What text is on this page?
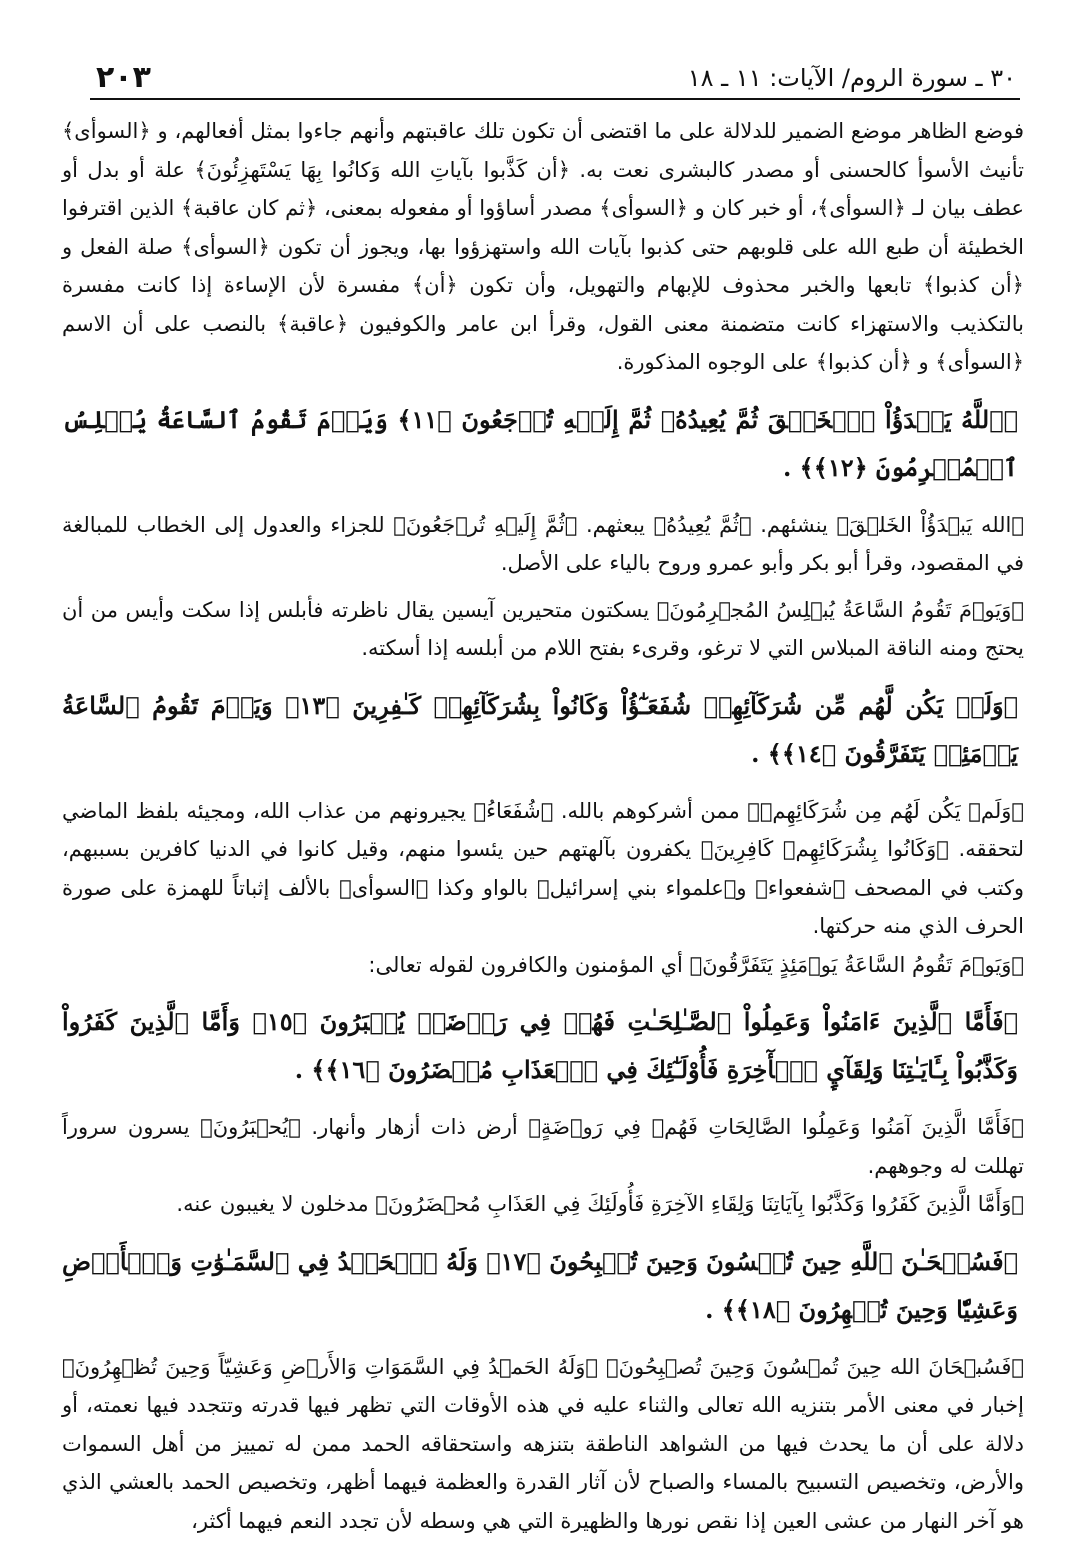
٢٠٣	٣٠ ـ سورة الروم/ الآيات: ١١ ـ ١٨

فوضع الظاهر موضع الضمير للدلالة على ما اقتضى أن تكون تلك عاقبتهم وأنهم جاءوا بمثل أفعالهم، و ﴿السوأى﴾ تأنيث الأسوأ كالحسنى أو مصدر كالبشرى نعت به. ﴿أن كَذَّبوا بآياتِ الله وَكانُوا بِهَا يَسْتَهزِئُونَ﴾ علة أو بدل أو عطف بيان لـ ﴿السوأى﴾، أو خبر كان و ﴿السوأى﴾ مصدر أساؤوا أو مفعوله بمعنى، ﴿ثم كان عاقبة﴾ الذين اقترفوا الخطيئة أن طبع الله على قلوبهم حتى كذبوا بآيات الله واستهزؤوا بها، ويجوز أن تكون ﴿السوأى﴾ صلة الفعل و ﴿أن كذبوا﴾ تابعها والخبر محذوف للإبهام والتهويل، وأن تكون ﴿أن﴾ مفسرة لأن الإساءة إذا كانت مفسرة بالتكذيب والاستهزاء كانت متضمنة معنى القول، وقرأ ابن عامر والكوفيون ﴿عاقبة﴾ بالنصب على أن الاسم ﴿السوأى﴾ و ﴿أن كذبوا﴾ على الوجوه المذكورة.

﴿ٱللَّهُ يَبۡدَؤُاْ ٱلۡخَلۡقَ ثُمَّ يُعِيدُهُۥ ثُمَّ إِلَيۡهِ تُرۡجَعُونَ ﴿١١﴾ وَيَوۡمَ تَقُومُ ٱلسَّاعَةُ يُبۡلِسُ ٱلۡمُجۡرِمُونَ ﴿١٢﴾﴾ .

﴿الله يَبۡدَؤُاْ الخَلۡقَ﴾ ينشئهم. ﴿ثُمَّ يُعِيدُهُ﴾ يبعثهم. ﴿ثُمَّ إِلَيۡهِ تُرۡجَعُونَ﴾ للجزاء والعدول إلى الخطاب للمبالغة في المقصود، وقرأ أبو بكر وأبو عمرو وروح بالياء على الأصل.

﴿وَيَوۡمَ تَقُومُ السَّاعَةُ يُبۡلِسُ المُجۡرِمُونَ﴾ يسكتون متحيرين آيسين يقال ناظرته فأبلس إذا سكت وأيس من أن يحتج ومنه الناقة المبلاس التي لا ترغو، وقرىء بفتح اللام من أبلسه إذا أسكته.

﴿وَلَمۡ يَكُن لَّهُم مِّن شُرَكَآئِهِمۡ شُفَعَـٰٓؤُاْ وَكَانُواْ بِشُرَكَآئِهِمۡ كَـٰفِرِينَ ﴿١٣﴾ وَيَوۡمَ تَقُومُ ٱلسَّاعَةُ يَوۡمَئِذٖ يَتَفَرَّقُونَ ﴿١٤﴾﴾ .

﴿وَلَمۡ يَكُن لَهُم مِن شُرَكَائِهِمۡ﴾ ممن أشركوهم بالله. ﴿شُفَعَاءُ﴾ يجيرونهم من عذاب الله، ومجيئه بلفظ الماضي لتحققه. ﴿وَكَانُوا بِشُرَكَائِهِمۡ كَافِرِينَ﴾ يكفرون بآلهتهم حين يئسوا منهم، وقيل كانوا في الدنيا كافرين بسببهم، وكتب في المصحف ﴿شفعواء﴾ و﴿علمواء بني إسرائيل﴾ بالواو وكذا ﴿السوأى﴾ بالألف إثباتاً للهمزة على صورة الحرف الذي منه حركتها.

﴿وَيَوۡمَ تَقُومُ السَّاعَةُ يَوۡمَئِذٍ يَتَفَرَّقُونَ﴾ أي المؤمنون والكافرون لقوله تعالى:

﴿فَأَمَّا ٱلَّذِينَ ءَامَنُواْ وَعَمِلُواْ ٱلصَّـٰلِحَـٰتِ فَهُمۡ فِي رَوۡضَةٖ يُحۡبَرُونَ ﴿١٥﴾ وَأَمَّا ٱلَّذِينَ كَفَرُواْ وَكَذَّبُواْ بِـَٔايَـٰتِنَا وَلِقَآيِٕ ٱلۡأٓخِرَةِ فَأُوْلَـٰٓئِكَ فِي ٱلۡعَذَابِ مُحۡضَرُونَ ﴿١٦﴾﴾ .

﴿فَأَمَّا الَّذِينَ آمَنُوا وَعَمِلُوا الصَّالِحَاتِ فَهُمۡ فِي رَوۡضَةٍ﴾ أرض ذات أزهار وأنهار. ﴿يُحۡبَرُونَ﴾ يسرون سروراً تهللت له وجوههم.

﴿وَأَمَّا الَّذِينَ كَفَرُوا وَكَذَّبُوا بِآيَاتِنَا وَلِقَاءِ الآخِرَةِ فَأُولَئِكَ فِي العَذَابِ مُحۡضَرُونَ﴾ مدخلون لا يغيبون عنه.

﴿فَسُبۡحَـٰنَ ٱللَّهِ حِينَ تُمۡسُونَ وَحِينَ تُصۡبِحُونَ ﴿١٧﴾ وَلَهُ ٱلۡحَمۡدُ فِي ٱلسَّمَـٰوَٰتِ وَٱلۡأَرۡضِ وَعَشِيّٗا وَحِينَ تُظۡهِرُونَ ﴿١٨﴾﴾ .

﴿فَسُبۡحَانَ الله حِينَ تُمۡسُونَ وَحِينَ تُصۡبِحُونَ﴾ ﴿وَلَهُ الحَمۡدُ فِي السَّمَوَاتِ وَالأَرۡضِ وَعَشِيّاً وَحِينَ تُظۡهِرُونَ﴾ إخبار في معنى الأمر بتنزيه الله تعالى والثناء عليه في هذه الأوقات التي تظهر فيها قدرته وتتجدد فيها نعمته، أو دلالة على أن ما يحدث فيها من الشواهد الناطقة بتنزهه واستحقاقه الحمد ممن له تمييز من أهل السموات والأرض، وتخصيص التسبيح بالمساء والصباح لأن آثار القدرة والعظمة فيهما أظهر، وتخصيص الحمد بالعشي الذي هو آخر النهار من عشى العين إذا نقص نورها والظهيرة التي هي وسطه لأن تجدد النعم فيهما أكثر،
